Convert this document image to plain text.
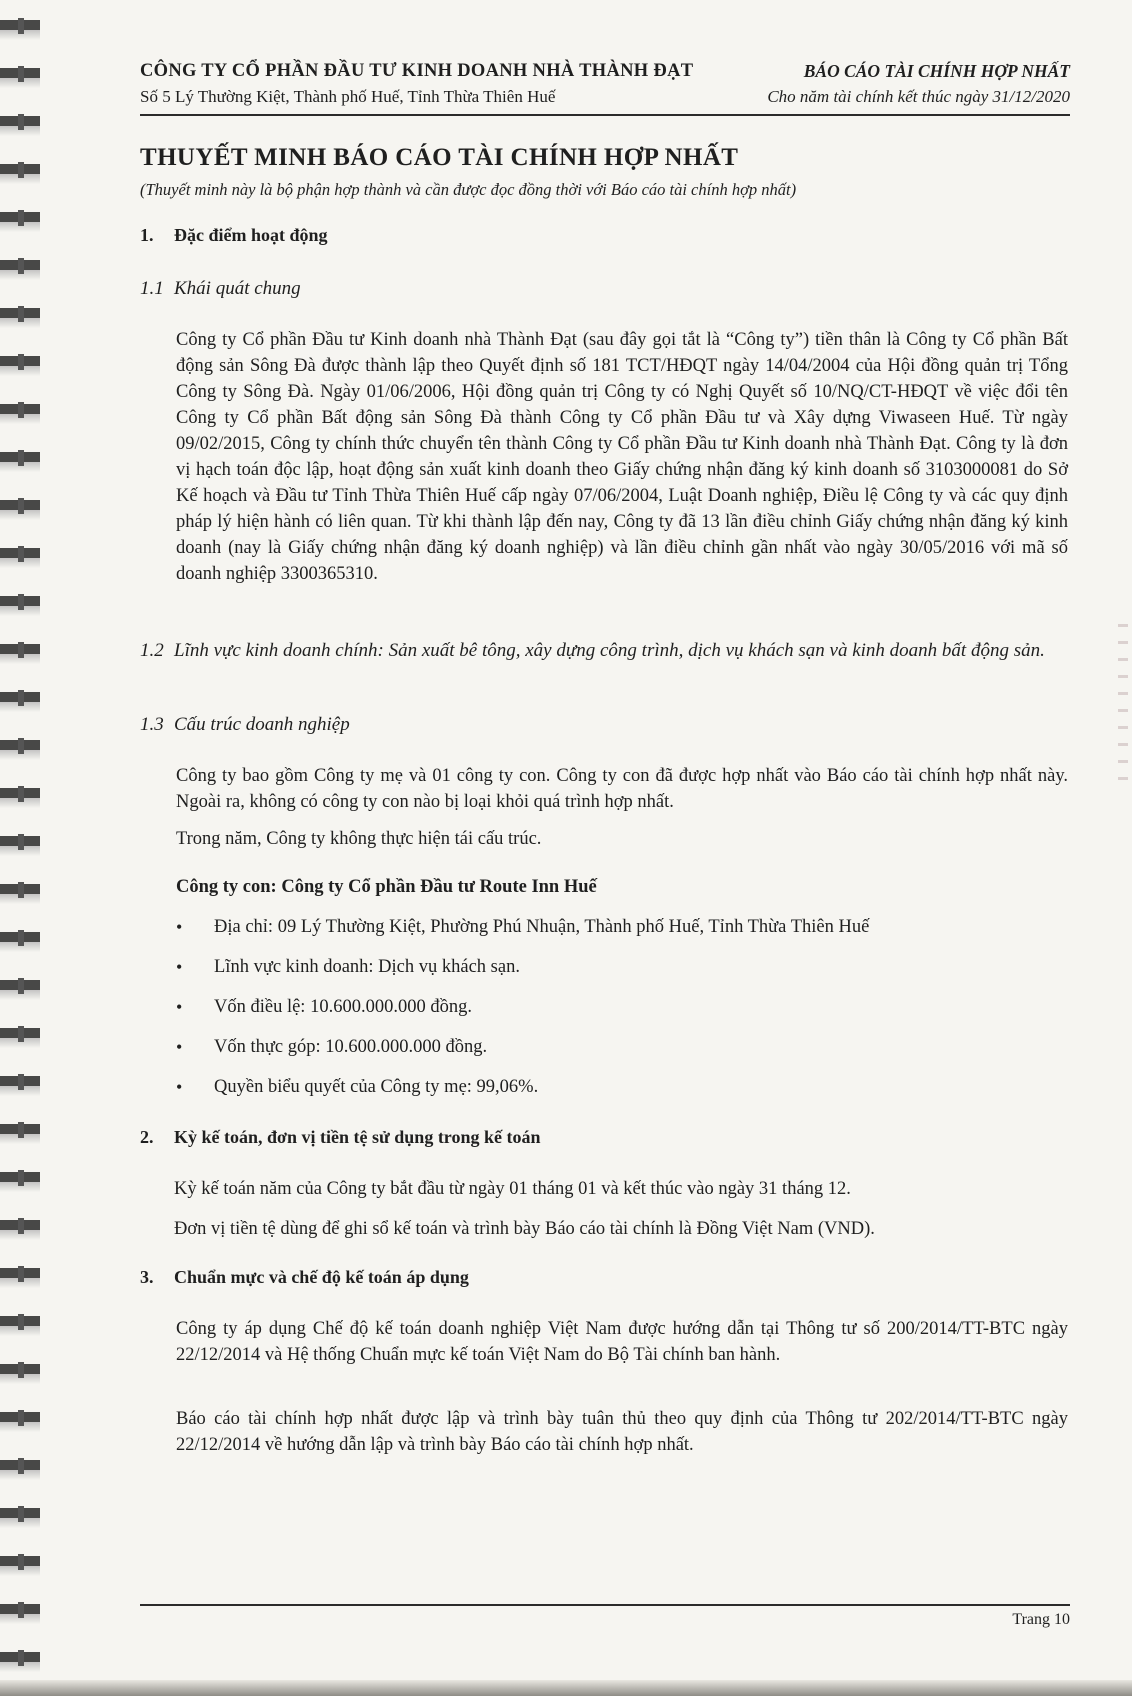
CÔNG TY CỔ PHẦN ĐẦU TƯ KINH DOANH NHÀ THÀNH ĐẠT
Số 5 Lý Thường Kiệt, Thành phố Huế, Tỉnh Thừa Thiên Huế
BÁO CÁO TÀI CHÍNH HỢP NHẤT
Cho năm tài chính kết thúc ngày 31/12/2020
THUYẾT MINH BÁO CÁO TÀI CHÍNH HỢP NHẤT
(Thuyết minh này là bộ phận hợp thành và cần được đọc đồng thời với Báo cáo tài chính hợp nhất)
1. Đặc điểm hoạt động
1.1 Khái quát chung
Công ty Cổ phần Đầu tư Kinh doanh nhà Thành Đạt (sau đây gọi tắt là “Công ty”) tiền thân là Công ty Cổ phần Bất động sản Sông Đà được thành lập theo Quyết định số 181 TCT/HĐQT ngày 14/04/2004 của Hội đồng quản trị Tổng Công ty Sông Đà. Ngày 01/06/2006, Hội đồng quản trị Công ty có Nghị Quyết số 10/NQ/CT-HĐQT về việc đổi tên Công ty Cổ phần Bất động sản Sông Đà thành Công ty Cổ phần Đầu tư và Xây dựng Viwaseen Huế. Từ ngày 09/02/2015, Công ty chính thức chuyển tên thành Công ty Cổ phần Đầu tư Kinh doanh nhà Thành Đạt. Công ty là đơn vị hạch toán độc lập, hoạt động sản xuất kinh doanh theo Giấy chứng nhận đăng ký kinh doanh số 3103000081 do Sở Kế hoạch và Đầu tư Tỉnh Thừa Thiên Huế cấp ngày 07/06/2004, Luật Doanh nghiệp, Điều lệ Công ty và các quy định pháp lý hiện hành có liên quan. Từ khi thành lập đến nay, Công ty đã 13 lần điều chỉnh Giấy chứng nhận đăng ký kinh doanh (nay là Giấy chứng nhận đăng ký doanh nghiệp) và lần điều chỉnh gần nhất vào ngày 30/05/2016 với mã số doanh nghiệp 3300365310.
1.2 Lĩnh vực kinh doanh chính: Sản xuất bê tông, xây dựng công trình, dịch vụ khách sạn và kinh doanh bất động sản.
1.3 Cấu trúc doanh nghiệp
Công ty bao gồm Công ty mẹ và 01 công ty con. Công ty con đã được hợp nhất vào Báo cáo tài chính hợp nhất này. Ngoài ra, không có công ty con nào bị loại khỏi quá trình hợp nhất.
Trong năm, Công ty không thực hiện tái cấu trúc.
Công ty con: Công ty Cổ phần Đầu tư Route Inn Huế
• Địa chỉ: 09 Lý Thường Kiệt, Phường Phú Nhuận, Thành phố Huế, Tỉnh Thừa Thiên Huế
• Lĩnh vực kinh doanh: Dịch vụ khách sạn.
• Vốn điều lệ: 10.600.000.000 đồng.
• Vốn thực góp: 10.600.000.000 đồng.
• Quyền biểu quyết của Công ty mẹ: 99,06%.
2. Kỳ kế toán, đơn vị tiền tệ sử dụng trong kế toán
Kỳ kế toán năm của Công ty bắt đầu từ ngày 01 tháng 01 và kết thúc vào ngày 31 tháng 12.
Đơn vị tiền tệ dùng để ghi sổ kế toán và trình bày Báo cáo tài chính là Đồng Việt Nam (VND).
3. Chuẩn mực và chế độ kế toán áp dụng
Công ty áp dụng Chế độ kế toán doanh nghiệp Việt Nam được hướng dẫn tại Thông tư số 200/2014/TT-BTC ngày 22/12/2014 và Hệ thống Chuẩn mực kế toán Việt Nam do Bộ Tài chính ban hành.
Báo cáo tài chính hợp nhất được lập và trình bày tuân thủ theo quy định của Thông tư 202/2014/TT-BTC ngày 22/12/2014 về hướng dẫn lập và trình bày Báo cáo tài chính hợp nhất.
Trang 10
